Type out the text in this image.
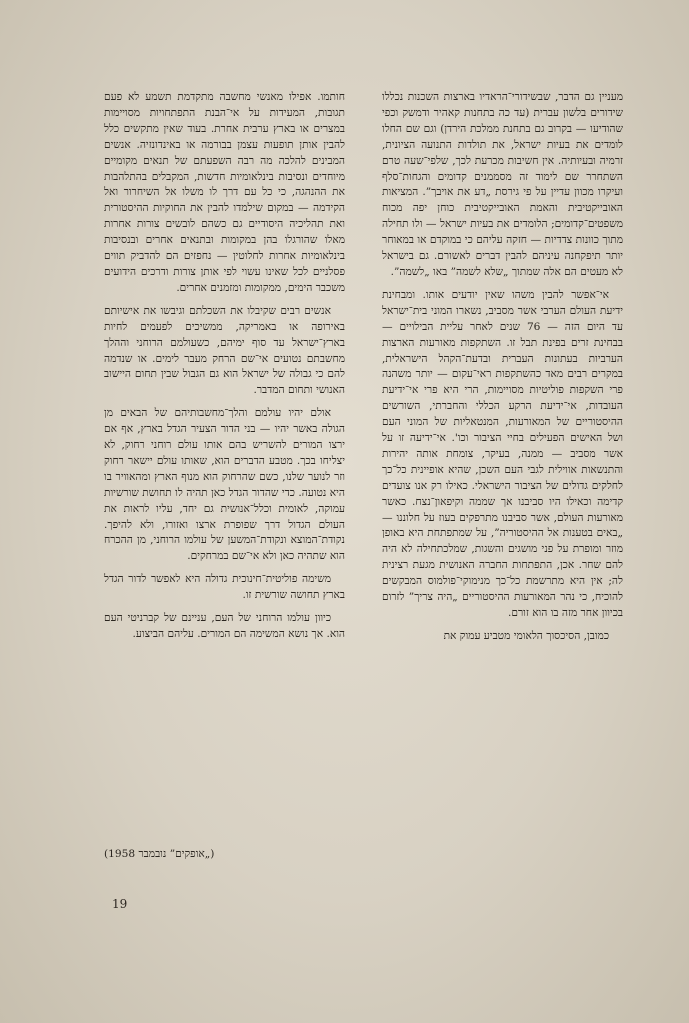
מעניין גם הדבר, שבשידורי־הראדיו בארצות השכנות נכללו שידורים בלשון עברית (עד כה בתחנות קאהיר ודמשק וכפי שהודיעו — בקרוב גם בתחנת ממלכת הירדן) וגם שם החלו לומדים את בעיות ישראל, את תולדות התנועה הציונית, זרמיה ובעיותיה. אין חשיבות מכרעת לכך, שלפי־שעה טרם השתחרר שם לימוד זה מסממנים קדומים והגחות־סלף ועיקרו מכוון עדיין על פי גירסת „דע את אויבך”. המציאות האובייקטיבית והאמת האובייקטיבית כוחן יפה מכוח משפטים־קדומים; הלומדים את בעיות ישראל — ולו תחילה מתוך כוונות צדדיות — חזקה עליהם כי במוקדם או במאוחר יותר תיפקחנה עיניהם להבין דברים לאשורם. גם בישראל לא מעטים הם אלה שמתוך „שלא לשמה” באו „לשמה”.

אי־אפשר להבין משהו שאין יודעים אותו. ומבחינת ידיעת העולם הערבי אשר מסביב, נשארו המוני בית־ישראל עד היום הזה — 76 שנים לאחר עליית הבילויים — בבחינת זרים בפינת תבל זו. השתקפות מאורעות הארצות הערביות בעתונות העברית ובדעת־הקהל הישראלית, במקרים רבים מאד כהשתקפות ראי־עקום — יותר משהנה פרי השקפות פוליטיות מסויימות, הרי היא פרי אי־ידיעת העובדות, אי־ידיעת הרקע הכללי והחברתי, השורשים ההיסטוריים של המאורעות, המנטאליות של המוני העם ושל האישים הפעילים בחיי הציבור וכו'. אי־ידיעה זו על אשר מסביב — ממנה, בעיקר, צומחת אותה יהירות והתנשאות אווילית לגבי העם השכן, שהיא אופיינית כל־כך לחלקים גדולים של הציבור הישראלי. כאילו רק אנו צועדים קדימה וכאילו היו סביבנו אך שממה וקיפאון־נצח. כאשר מאורעות העולם, אשר סביבנו מתרפקים בעוז על חלוננו — „באים בטענות אל ההיסטוריה”, על שמתפתחת היא באופן מוזר ומופרת על פני מושגים והשגות, שמלכתחילה לא היה להם שחר. אכן, התפתחות החברה האנושית מגעת רצינית לה; אין היא מתרשמת כל־כך מנימוקי־פולמוס המבקשים להוכיח, כי נהר המאורעות ההיסטוריים „היה צריך” לזרום בכיוון אחר מזה בו הוא זורם.

כמובן, הסיכסוך הלאומי מטביע עמוק את

חותמו. אפילו מאנשי מחשבה מתקדמת תשמע לא פעם תגובות, המעידות על אי־הבנת התפתחויות מסויימות במצרים או בארץ ערבית אחרת. בעוד שאין מתקשים כלל להבין אותן תופעות עצמן בבורמה או באינדונזיה. אנשים המבינים להלכה מה רבה השפעתם של תנאים מקומיים מיוחדים ונסיבות בינלאומיות חדשות, המקבלים בהתלהבות את ההנהגה, כי כל עם דרך לו משלו אל השיחרור ואל הקידמה — במקום שילמדו להבין את החוקיות ההיסטורית ואת תהליכיה היסודיים גם כשהם לובשים צורות אחרות מאלו שהורגלו בהן במקומות ובתנאים אחרים ובנסיבות בינלאומיות אחרות לחלוטין — נחפזים הם להדביק תווים פסלניים לכל שאינו עשוי לפי אותן צורות ודרכים הידועים משכבר הימים, ממקומות ומזמנים אחרים.

אנשים רבים שקיבלו את השכלתם וגיבשו את אישיותם באירופה או באמריקה, ממשיכים לפעמים לחיות בארץ־ישראל עד סוף ימיהם, כשעולמם הרוחני וההלך מחשבתם נטועים אי־שם הרחק מעבר לימים. או שנדמה להם כי גבולה של ישראל הוא גם הגבול שבין תחום היישוב האנושי ותחום המדבר.

אולם יהיו עולמם והלך־מחשבותיהם של הבאים מן הגולה באשר יהיו — בני הדור הצעיר הגדל בארץ, אף אם ירצו המורים להשריש בהם אותו עולם רוחני רחוק, לא יצליחו בכך. מטבע הדברים הוא, שאותו עולם יישאר רחוק וזר לנוער שלנו, כשם שהרחוק הוא מנוף הארץ ומהאוויר בו היא נטועה. כדי שהדור הגדל כאן תהיה לו תחושת שורשיות עמוקה, לאומית וכלל־אנושית גם יחד, עליו לראות את העולם הגדול דרך שפופרת ארצו ואזורו, ולא להיפך. נקודת־המוצא ונקודת־המשען של עולמו הרוחני, מן ההכרח הוא שתהיה כאן ולא אי־שם במרחקים.

משימה פוליטית־חינוכית גדולה היא לאפשר לדור הגדל בארץ תחושה שורשית זו.

כיוון עולמו הרוחני של העם, עניינם של קברניטי העם הוא. אך נושא המשימה הם המורים. עליהם הביצוע.

(„אופקים” נובמבר 1958)
19
